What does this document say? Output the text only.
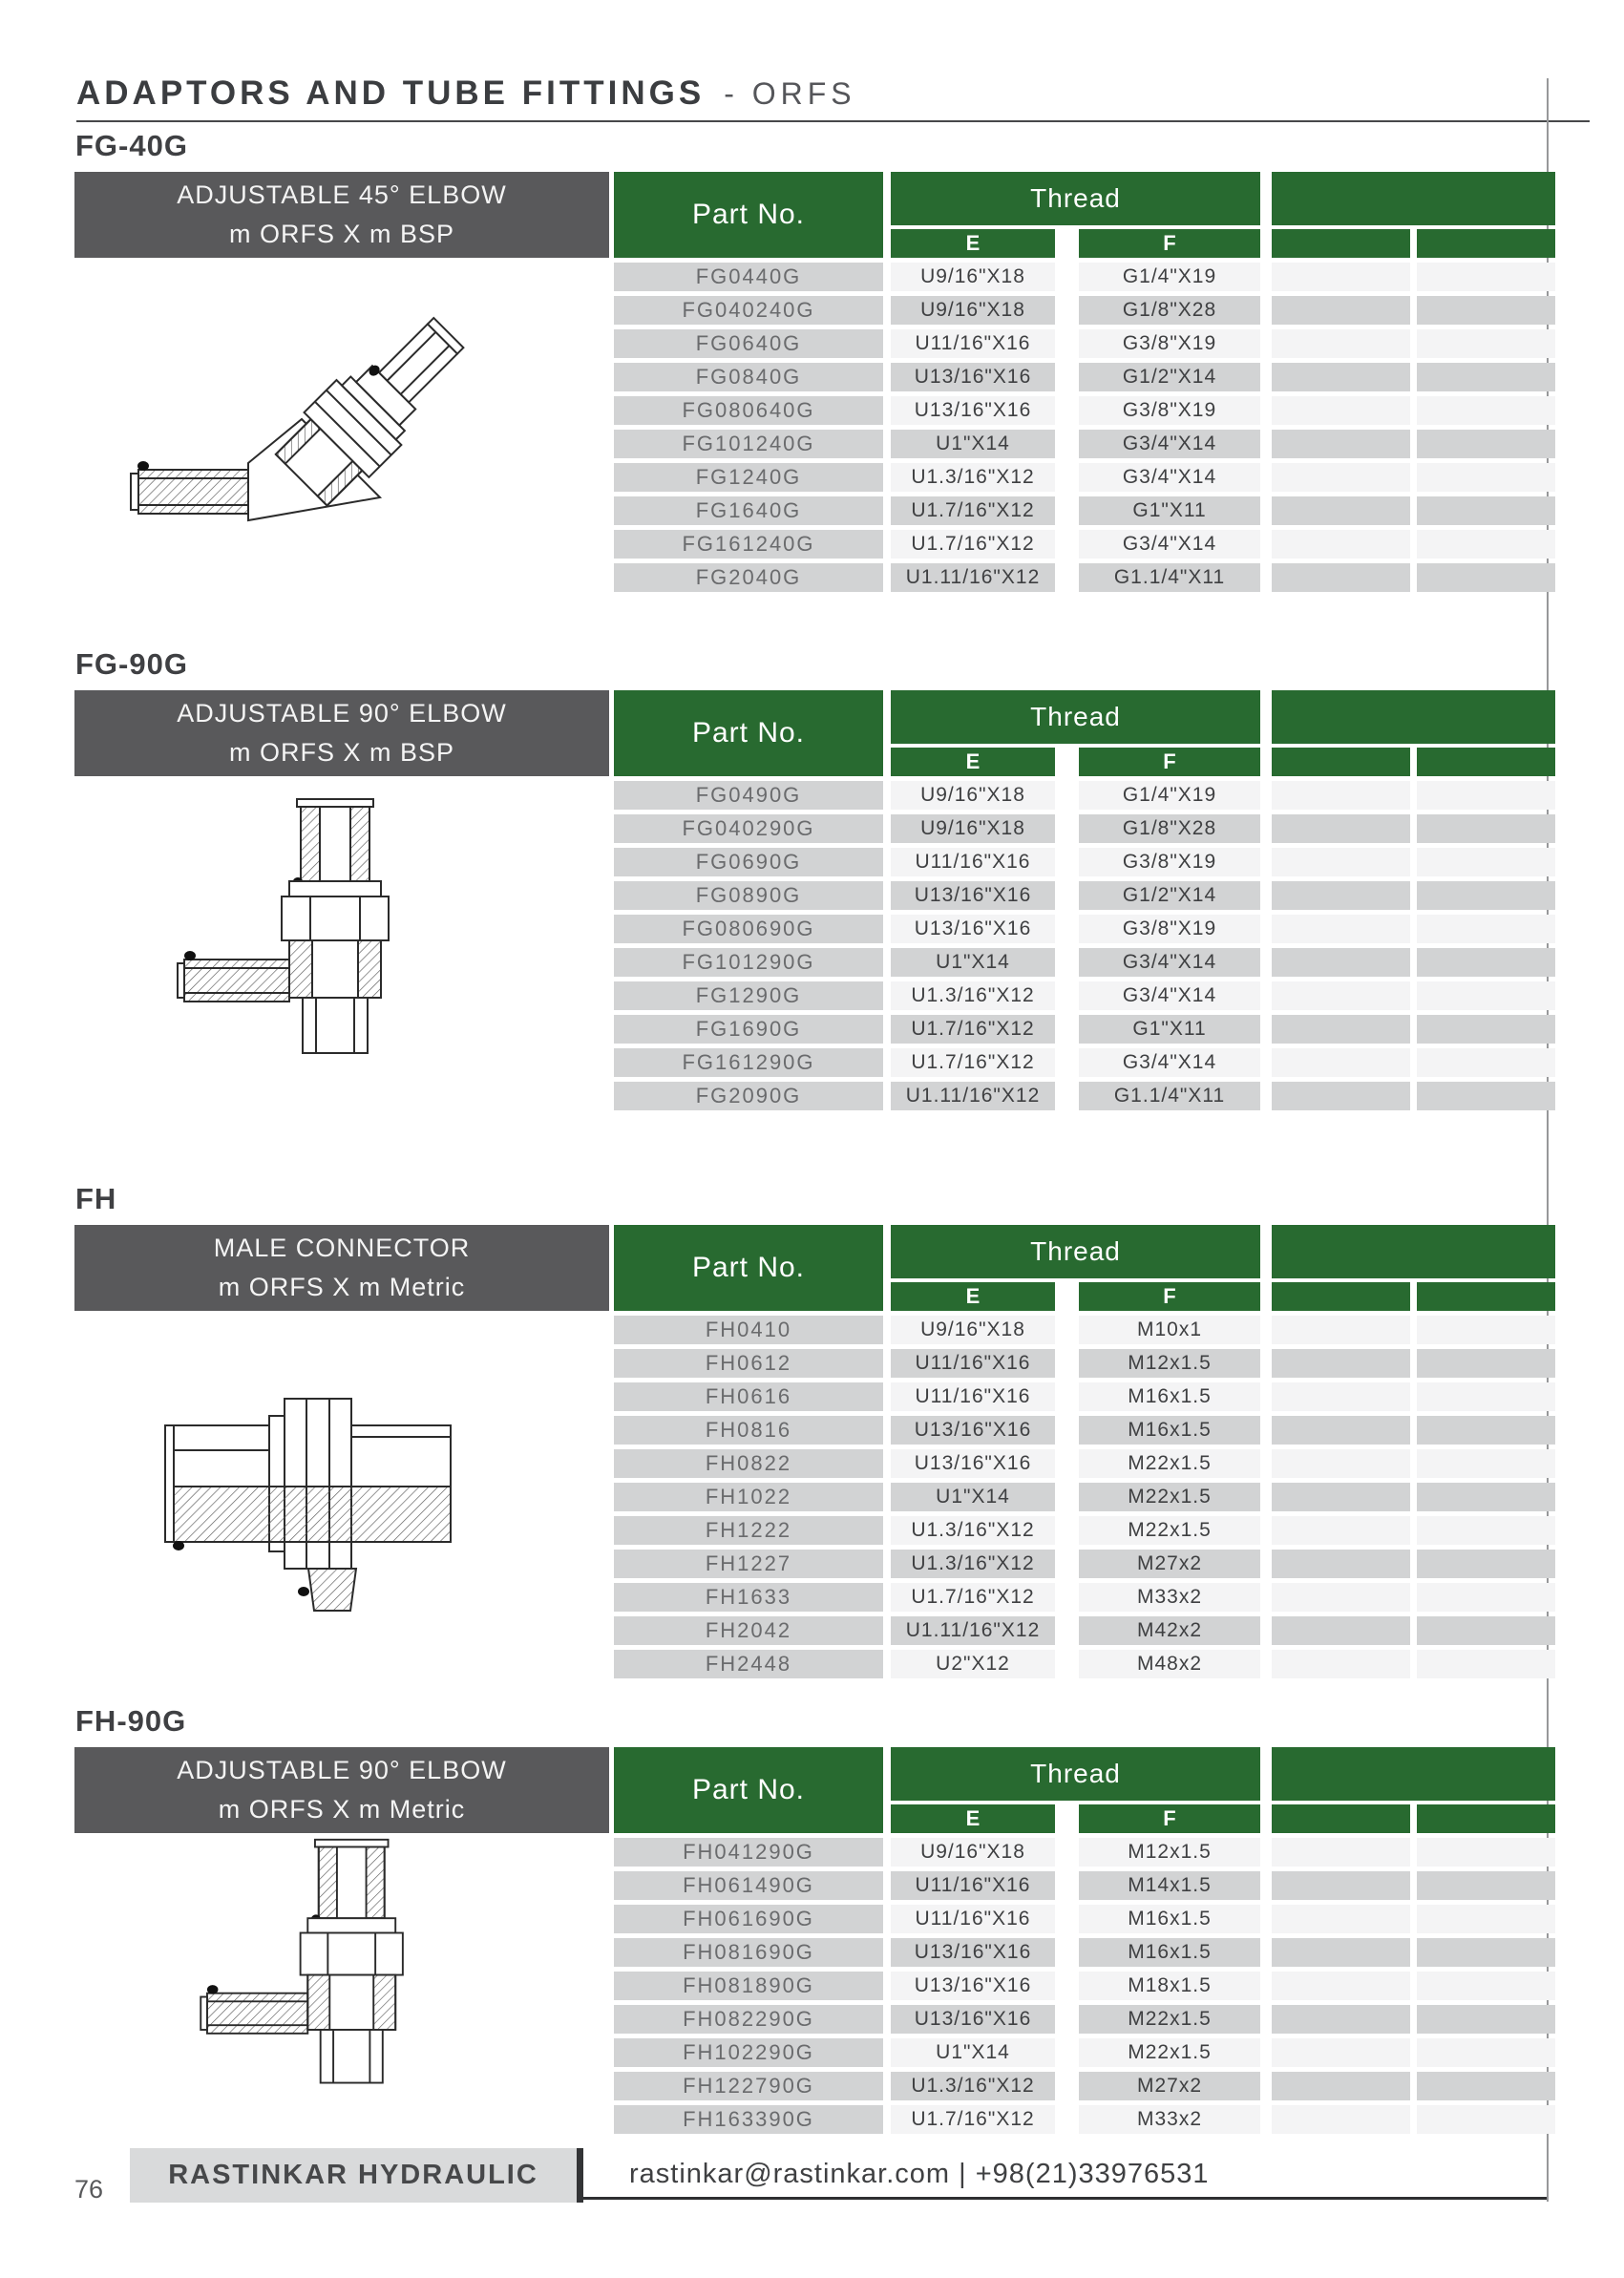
ADAPTORS AND TUBE FITTINGS - ORFS
FG-40G
ADJUSTABLE 45° ELBOW
m ORFS X m BSP
Part No.
Thread
E	F
FG0440G	U9/16"X18	G1/4"X19
FG040240G	U9/16"X18	G1/8"X28
FG0640G	U11/16"X16	G3/8"X19
FG0840G	U13/16"X16	G1/2"X14
FG080640G	U13/16"X16	G3/8"X19
FG101240G	U1"X14	G3/4"X14
FG1240G	U1.3/16"X12	G3/4"X14
FG1640G	U1.7/16"X12	G1"X11
FG161240G	U1.7/16"X12	G3/4"X14
FG2040G	U1.11/16"X12	G1.1/4"X11
FG-90G
ADJUSTABLE 90° ELBOW
m ORFS X m BSP
Part No.
Thread
E	F
FG0490G	U9/16"X18	G1/4"X19
FG040290G	U9/16"X18	G1/8"X28
FG0690G	U11/16"X16	G3/8"X19
FG0890G	U13/16"X16	G1/2"X14
FG080690G	U13/16"X16	G3/8"X19
FG101290G	U1"X14	G3/4"X14
FG1290G	U1.3/16"X12	G3/4"X14
FG1690G	U1.7/16"X12	G1"X11
FG161290G	U1.7/16"X12	G3/4"X14
FG2090G	U1.11/16"X12	G1.1/4"X11
FH
MALE CONNECTOR
m ORFS X m Metric
Part No.
Thread
E	F
FH0410	U9/16"X18	M10x1
FH0612	U11/16"X16	M12x1.5
FH0616	U11/16"X16	M16x1.5
FH0816	U13/16"X16	M16x1.5
FH0822	U13/16"X16	M22x1.5
FH1022	U1"X14	M22x1.5
FH1222	U1.3/16"X12	M22x1.5
FH1227	U1.3/16"X12	M27x2
FH1633	U1.7/16"X12	M33x2
FH2042	U1.11/16"X12	M42x2
FH2448	U2"X12	M48x2
FH-90G
ADJUSTABLE 90° ELBOW
m ORFS X m Metric
Part No.
Thread
E	F
FH041290G	U9/16"X18	M12x1.5
FH061490G	U11/16"X16	M14x1.5
FH061690G	U11/16"X16	M16x1.5
FH081690G	U13/16"X16	M16x1.5
FH081890G	U13/16"X16	M18x1.5
FH082290G	U13/16"X16	M22x1.5
FH102290G	U1"X14	M22x1.5
FH122790G	U1.3/16"X12	M27x2
FH163390G	U1.7/16"X12	M33x2
76	RASTINKAR HYDRAULIC	rastinkar@rastinkar.com | +98(21)33976531
